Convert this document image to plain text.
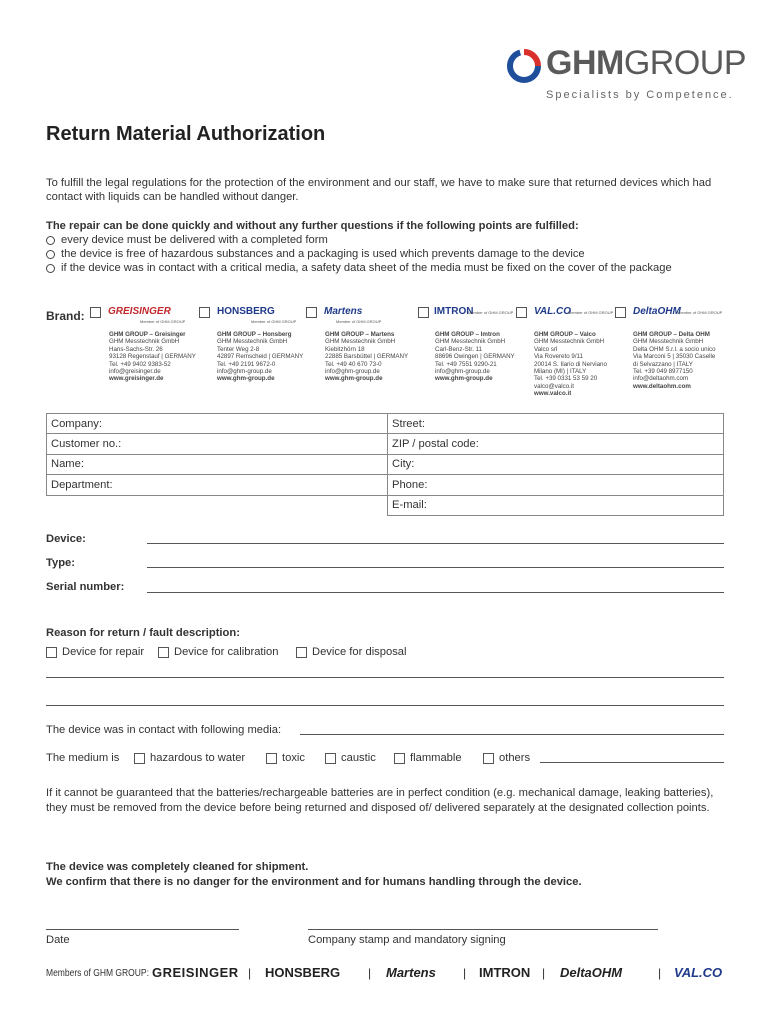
GHMGROUP
Specialists by Competence.
Return Material Authorization
To fulfill the legal regulations for the protection of the environment and our staff, we have to make sure that returned devices which had contact with liquids can be handled without danger.
The repair can be done quickly and without any further questions if the following points are fulfilled:
every device must be delivered with a completed form
the device is free of hazardous substances and a packaging is used which prevents damage to the device
if the device was in contact with a critical media, a safety data sheet of the media must be fixed on the cover of the package
Brand: GREISINGER
Member of GHM GROUP
HONSBERG
Member of GHM GROUP
Martens
Member of GHM GROUP
IMTRON
Member of GHM GROUP VAL.CO
Member of GHM GROUP DeltaOHM
Member of GHM GROUP
GHM GROUP – Greisinger
GHM Messtechnik GmbH
Hans-Sachs-Str. 26
93128 Regenstauf | GERMANY
Tel. +49 9402 9383-52
info@greisinger.de
www.greisinger.de
GHM GROUP – Honsberg
GHM Messtechnik GmbH
Tenter Weg 2-8
42897 Remscheid | GERMANY
Tel. +49 2191 9672-0
info@ghm-group.de
www.ghm-group.de
GHM GROUP – Martens
GHM Messtechnik GmbH
Kiebitzhörn 18
22885 Barsbüttel | GERMANY
Tel. +49 40 670 73-0
info@ghm-group.de
www.ghm-group.de
GHM GROUP – Imtron
GHM Messtechnik GmbH
Carl-Benz-Str. 11
88696 Owingen | GERMANY
Tel. +49 7551 9290-21
info@ghm-group.de
www.ghm-group.de
GHM GROUP – Valco
GHM Messtechnik GmbH
Valco srl
Via Rovereto 9/11
20014 S. Ilario di Nerviano
Milano (MI) | ITALY
Tel. +39 0331 53 59 20
valco@valco.it
www.valco.it
GHM GROUP – Delta OHM
GHM Messtechnik GmbH
Delta OHM S.r.l. a socio unico
Via Marconi 5 | 35030 Caselle
di Selvazzano | ITALY
Tel. +39 049 8977150
info@deltaohm.com
www.deltaohm.com
Company:	Street:
Customer no.:	ZIP / postal code:
Name:	City:
Department:	Phone:
	E-mail:
Device:
Type:
Serial number:
Reason for return / fault description:
Device for repair	Device for calibration	Device for disposal
The device was in contact with following media:
The medium is	hazardous to water	toxic	caustic	flammable	others
If it cannot be guaranteed that the batteries/rechargeable batteries are in perfect condition (e.g. mechanical damage, leaking batteries), they must be removed from the device before being returned and disposed of/ delivered separately at the designated collection points.
The device was completely cleaned for shipment.
We confirm that there is no danger for the environment and for humans handling through the device.
Date	Company stamp and mandatory signing
Members of GHM GROUP: GREISINGER | HONSBERG | Martens | IMTRON | DeltaOHM	| VAL.CO
